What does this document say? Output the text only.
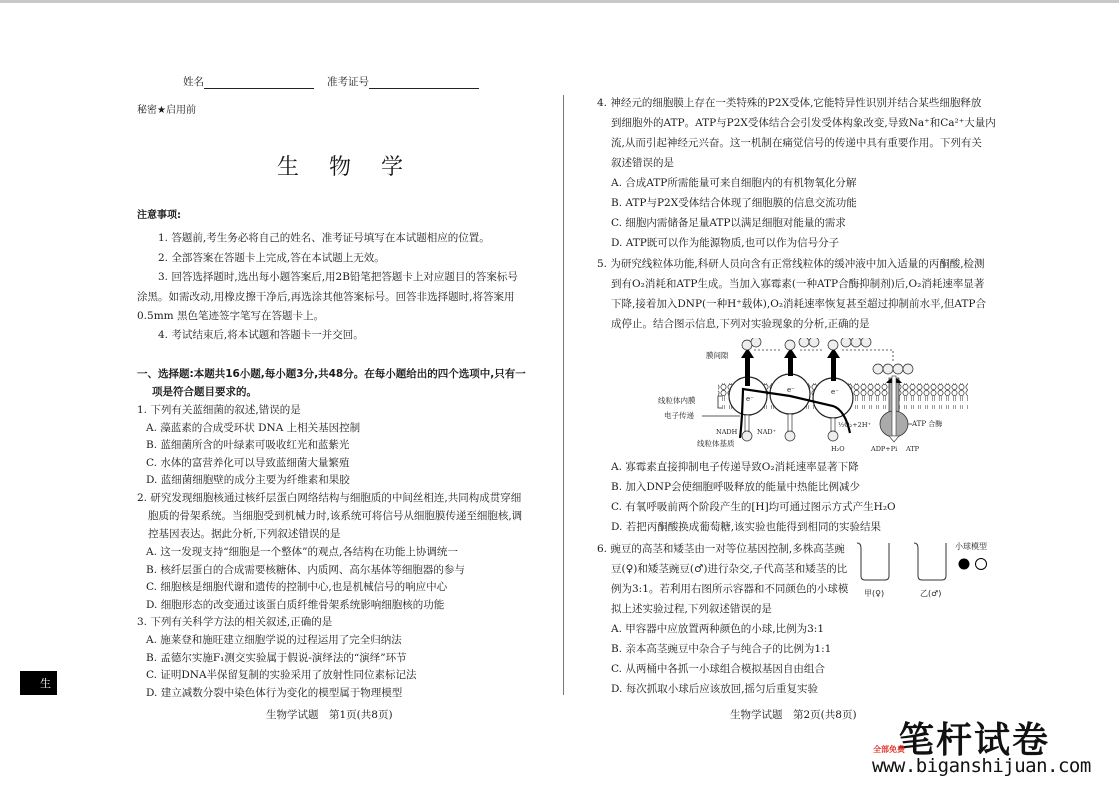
姓名	准考证号
秘密★启用前
生物学
注意事项:
1. 答题前,考生务必将自己的姓名、准考证号填写在本试题相应的位置。
2. 全部答案在答题卡上完成,答在本试题上无效。
3. 回答选择题时,选出每小题答案后,用2B铅笔把答题卡上对应题目的答案标号
涂黑。如需改动,用橡皮擦干净后,再选涂其他答案标号。回答非选择题时,将答案用
0.5mm 黑色笔迹签字笔写在答题卡上。
4. 考试结束后,将本试题和答题卡一并交回。
一、选择题:本题共16小题,每小题3分,共48分。在每小题给出的四个选项中,只有一
项是符合题目要求的。
1. 下列有关蓝细菌的叙述,错误的是
A. 藻蓝素的合成受环状 DNA 上相关基因控制
B. 蓝细菌所含的叶绿素可吸收红光和蓝紫光
C. 水体的富营养化可以导致蓝细菌大量繁殖
D. 蓝细菌细胞壁的成分主要为纤维素和果胶
2. 研究发现细胞核通过核纤层蛋白网络结构与细胞质的中间丝相连,共同构成贯穿细
胞质的骨架系统。当细胞受到机械力时,该系统可将信号从细胞膜传递至细胞核,调
控基因表达。据此分析,下列叙述错误的是
A. 这一发现支持“细胞是一个整体”的观点,各结构在功能上协调统一
B. 核纤层蛋白的合成需要核糖体、内质网、高尔基体等细胞器的参与
C. 细胞核是细胞代谢和遗传的控制中心,也是机械信号的响应中心
D. 细胞形态的改变通过该蛋白质纤维骨架系统影响细胞核的功能
3. 下列有关科学方法的相关叙述,正确的是
A. 施莱登和施旺建立细胞学说的过程运用了完全归纳法
B. 孟德尔实施F₁测交实验属于假说-演绎法的“演绎”环节
C. 证明DNA半保留复制的实验采用了放射性同位素标记法
D. 建立减数分裂中染色体行为变化的模型属于物理模型
生物学试题　第1页(共8页)
生
4. 神经元的细胞膜上存在一类特殊的P2X受体,它能特异性识别并结合某些细胞释放
到细胞外的ATP。ATP与P2X受体结合会引发受体构象改变,导致Na⁺和Ca²⁺大量内
流,从而引起神经元兴奋。这一机制在痛觉信号的传递中具有重要作用。下列有关
叙述错误的是
A. 合成ATP所需能量可来自细胞内的有机物氧化分解
B. ATP与P2X受体结合体现了细胞膜的信息交流功能
C. 细胞内需储备足量ATP以满足细胞对能量的需求
D. ATP既可以作为能源物质,也可以作为信号分子
5. 为研究线粒体功能,科研人员向含有正常线粒体的缓冲液中加入适量的丙酮酸,检测
到有O₂消耗和ATP生成。当加入寡霉素(一种ATP合酶抑制剂)后,O₂消耗速率显著
下降,接着加入DNP(一种H⁺载体),O₂消耗速率恢复甚至超过抑制前水平,但ATP合
成停止。结合图示信息,下列对实验现象的分析,正确的是
e⁻
e⁻	e⁻
膜间隙
线粒体内膜
电子传递
NADH	NAD⁺
线粒体基质
½O₂+2H⁺
H₂O	ADP+Pi ATP
ATP 合酶
A. 寡霉素直接抑制电子传递导致O₂消耗速率显著下降
B. 加入DNP会使细胞呼吸释放的能量中热能比例减少
C. 有氧呼吸前两个阶段产生的[H]均可通过图示方式产生H₂O
D. 若把丙酮酸换成葡萄糖,该实验也能得到相同的实验结果
6. 豌豆的高茎和矮茎由一对等位基因控制,多株高茎豌
豆(♀)和矮茎豌豆(♂)进行杂交,子代高茎和矮茎的比
例为3:1。若利用右图所示容器和不同颜色的小球模
拟上述实验过程,下列叙述错误的是
甲(♀)	乙(♂)
小球模型
A. 甲容器中应放置两种颜色的小球,比例为3:1
B. 亲本高茎豌豆中杂合子与纯合子的比例为1:1
C. 从两桶中各抓一小球组合模拟基因自由组合
D. 每次抓取小球后应该放回,摇匀后重复实验
生物学试题　第2页(共8页)
笔杆试卷
全部免费
www.biganshijuan.com
